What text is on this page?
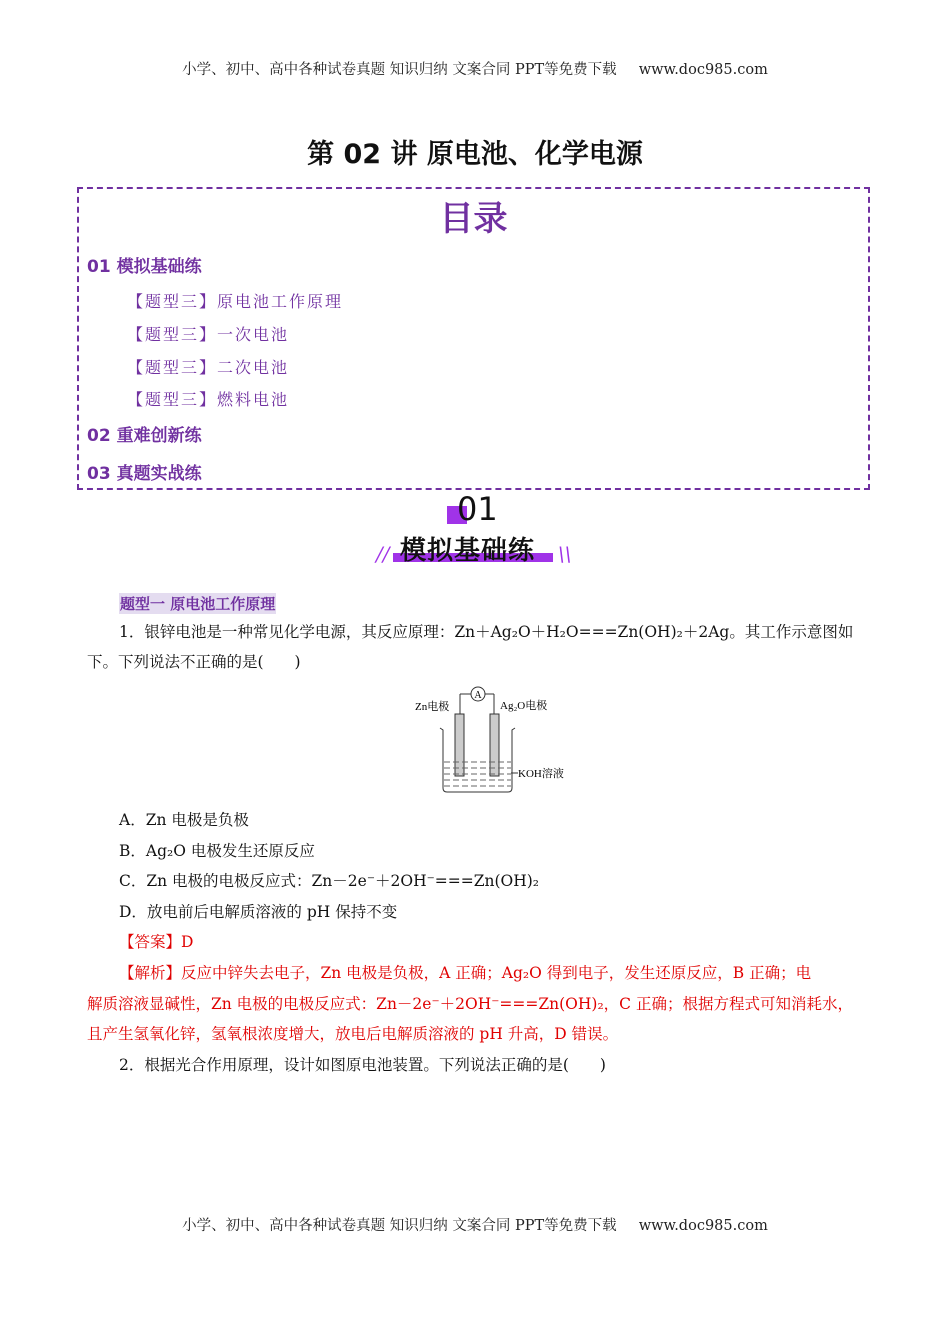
小学、初中、高中各种试卷真题 知识归纳 文案合同 PPT等免费下载 www.doc985.com
第 02 讲 原电池、化学电源
目录
01 模拟基础练
【题型三】原电池工作原理
【题型三】一次电池
【题型三】二次电池
【题型三】燃料电池
02 重难创新练
03 真题实战练
01
模拟基础练
//	\\
题型一 原电池工作原理
1．银锌电池是一种常见化学电源，其反应原理：Zn＋Ag₂O＋H₂O===Zn(OH)₂＋2Ag。其工作示意图如
下。下列说法不正确的是(　　)
A
Zn电极	Ag₂O电极
KOH溶液
A．Zn 电极是负极
B．Ag₂O 电极发生还原反应
C．Zn 电极的电极反应式：Zn－2e⁻＋2OH⁻===Zn(OH)₂
D．放电前后电解质溶液的 pH 保持不变
【答案】D
【解析】反应中锌失去电子，Zn 电极是负极，A 正确；Ag₂O 得到电子，发生还原反应，B 正确；电
解质溶液显碱性，Zn 电极的电极反应式：Zn－2e⁻＋2OH⁻===Zn(OH)₂，C 正确；根据方程式可知消耗水，
且产生氢氧化锌，氢氧根浓度增大，放电后电解质溶液的 pH 升高，D 错误。
2．根据光合作用原理，设计如图原电池装置。下列说法正确的是(　　)
小学、初中、高中各种试卷真题 知识归纳 文案合同 PPT等免费下载 www.doc985.com
